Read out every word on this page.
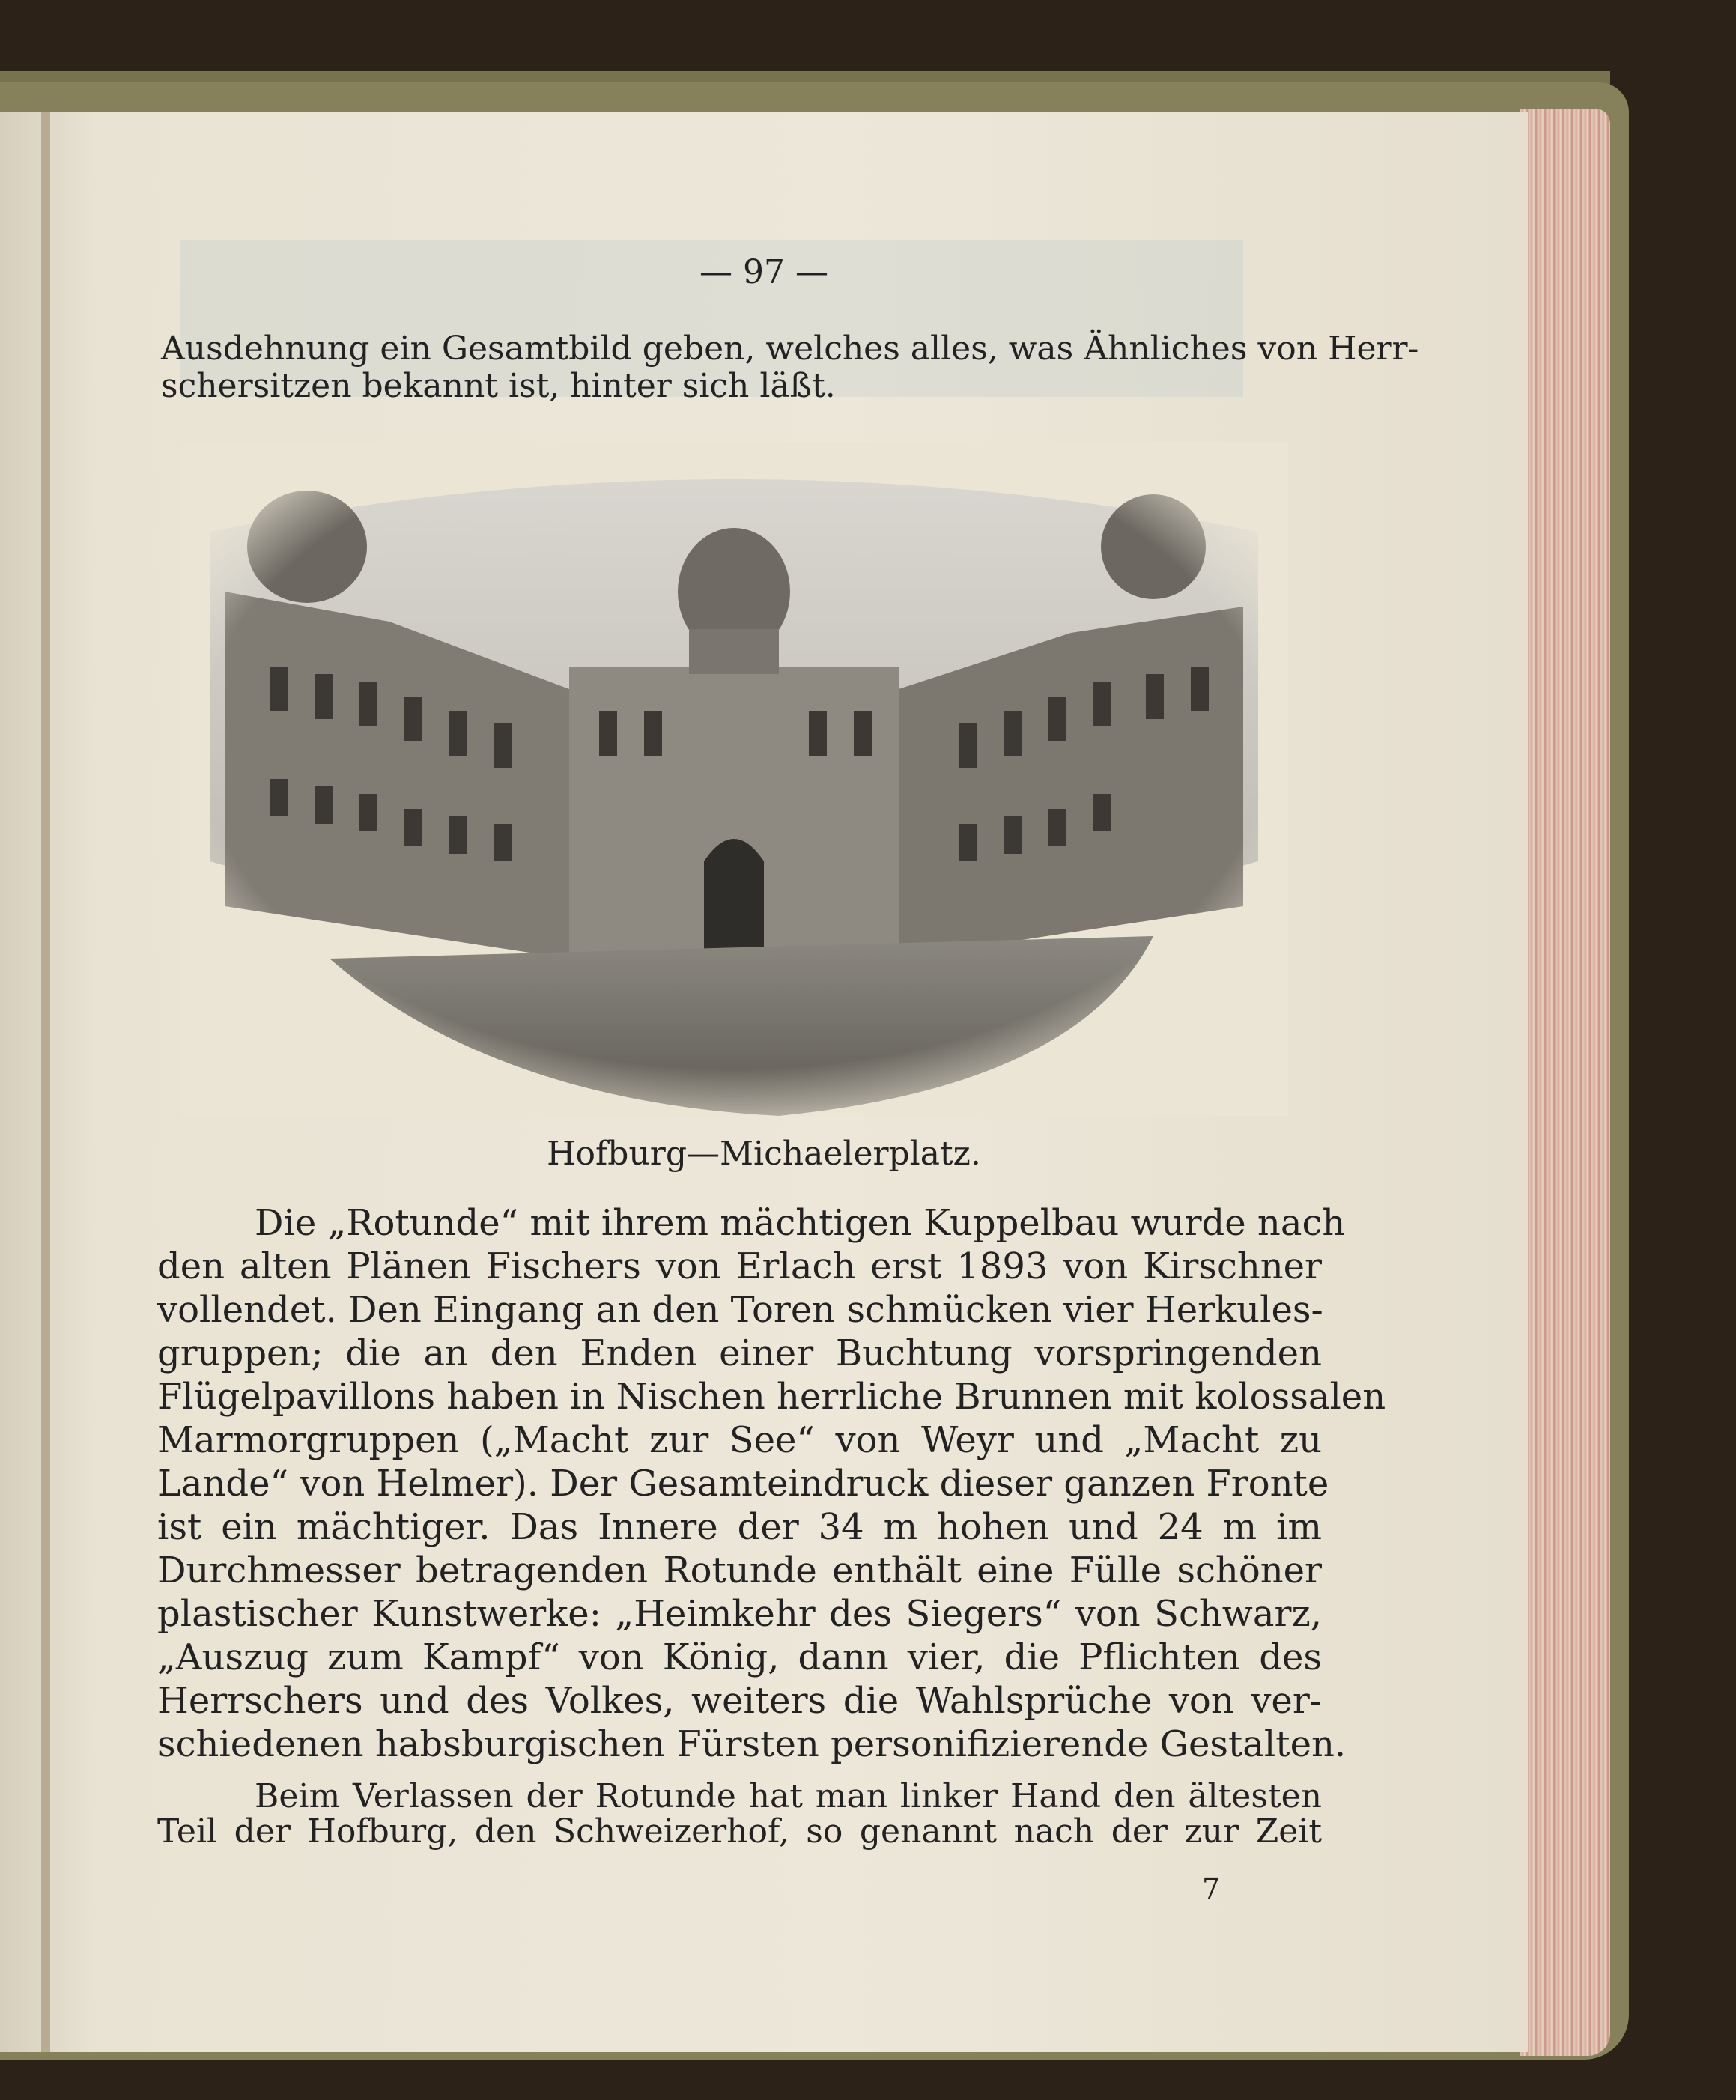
— 97 —
Ausdehnung ein Gesamtbild geben, welches alles, was Ähnliches von Herr-
schersitzen bekannt ist, hinter sich läßt.
Hofburg—Michaelerplatz.
Die „Rotunde“ mit ihrem mächtigen Kuppelbau wurde nach
den alten Plänen Fischers von Erlach erst 1893 von Kirschner
vollendet. Den Eingang an den Toren schmücken vier Herkules-
gruppen; die an den Enden einer Buchtung vorspringenden
Flügelpavillons haben in Nischen herrliche Brunnen mit kolossalen
Marmorgruppen („Macht zur See“ von Weyr und „Macht zu
Lande“ von Helmer). Der Gesamteindruck dieser ganzen Fronte
ist ein mächtiger. Das Innere der 34 m hohen und 24 m im
Durchmesser betragenden Rotunde enthält eine Fülle schöner
plastischer Kunstwerke: „Heimkehr des Siegers“ von Schwarz,
„Auszug zum Kampf“ von König, dann vier, die Pflichten des
Herrschers und des Volkes, weiters die Wahlsprüche von ver-
schiedenen habsburgischen Fürsten personifizierende Gestalten.
Beim Verlassen der Rotunde hat man linker Hand den ältesten
Teil der Hofburg, den Schweizerhof, so genannt nach der zur Zeit
7
